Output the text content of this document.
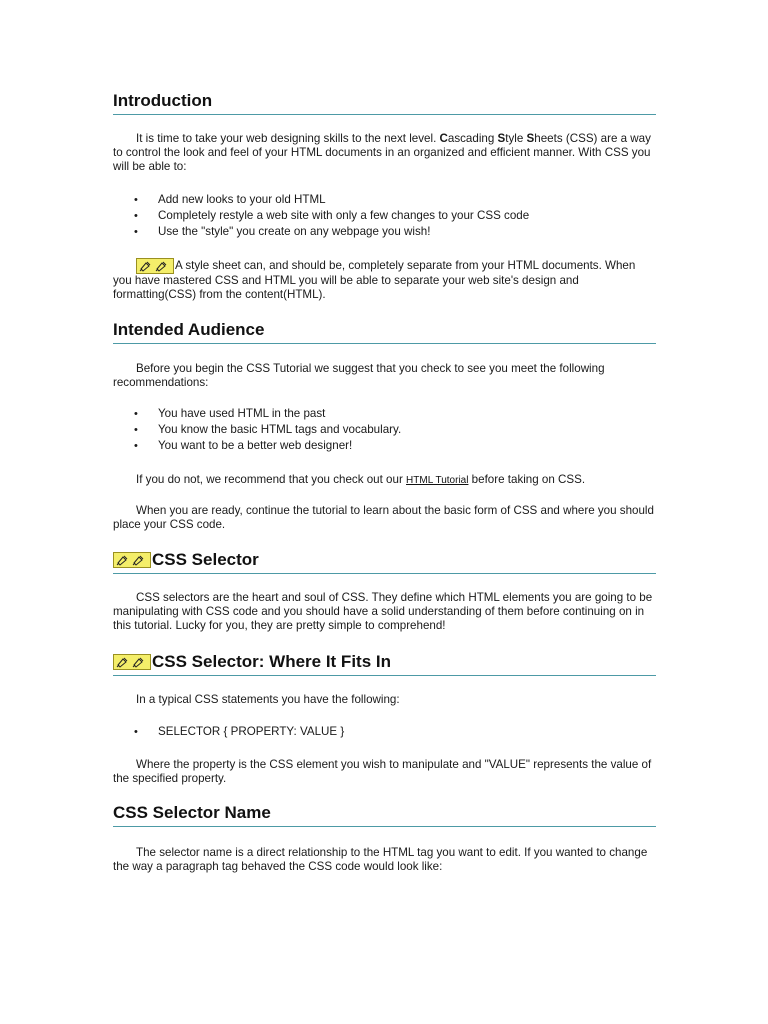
Introduction

It is time to take your web designing skills to the next level. Cascading Style Sheets (CSS) are a way to control the look and feel of your HTML documents in an organized and efficient manner. With CSS you will be able to:

• Add new looks to your old HTML
• Completely restyle a web site with only a few changes to your CSS code
• Use the "style" you create on any webpage you wish!

A style sheet can, and should be, completely separate from your HTML documents. When you have mastered CSS and HTML you will be able to separate your web site's design and formatting(CSS) from the content(HTML).

Intended Audience

Before you begin the CSS Tutorial we suggest that you check to see you meet the following recommendations:

• You have used HTML in the past
• You know the basic HTML tags and vocabulary.
• You want to be a better web designer!

If you do not, we recommend that you check out our HTML Tutorial before taking on CSS.

When you are ready, continue the tutorial to learn about the basic form of CSS and where you should place your CSS code.

CSS Selector

CSS selectors are the heart and soul of CSS. They define which HTML elements you are going to be manipulating with CSS code and you should have a solid understanding of them before continuing on in this tutorial. Lucky for you, they are pretty simple to comprehend!

CSS Selector: Where It Fits In

In a typical CSS statements you have the following:

• SELECTOR { PROPERTY: VALUE }

Where the property is the CSS element you wish to manipulate and "VALUE" represents the value of the specified property.

CSS Selector Name

The selector name is a direct relationship to the HTML tag you want to edit. If you wanted to change the way a paragraph tag behaved the CSS code would look like:
